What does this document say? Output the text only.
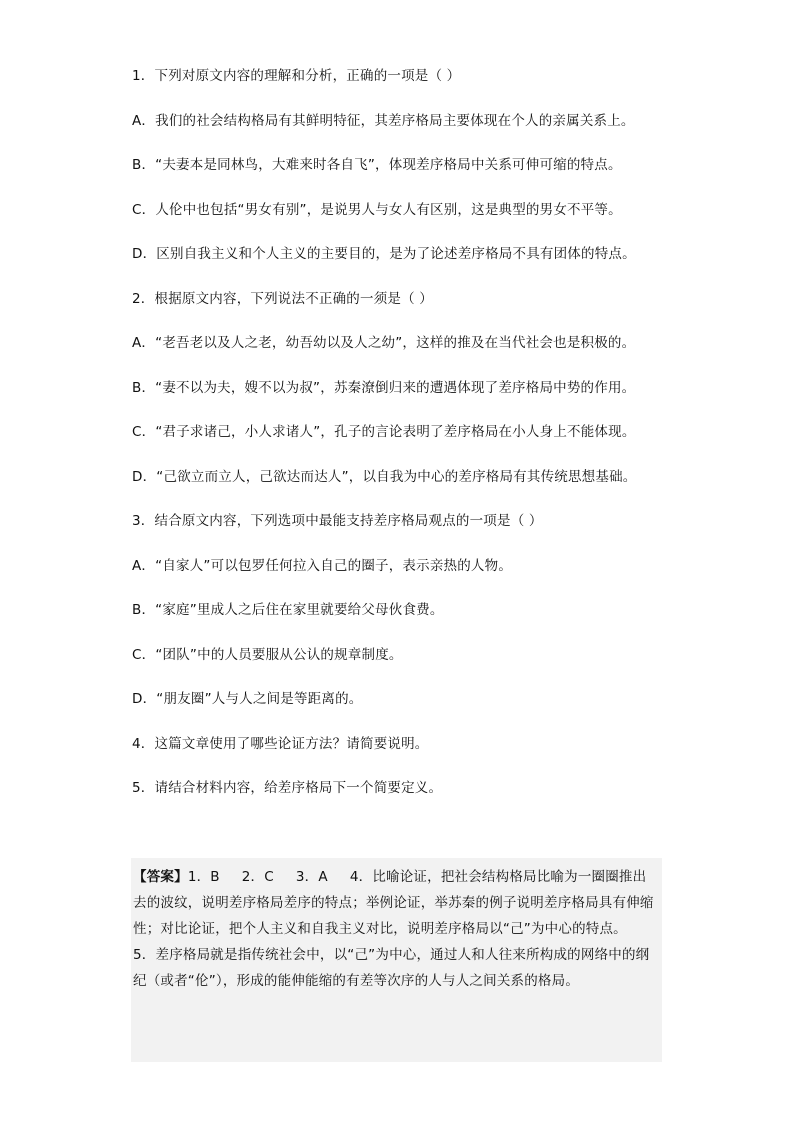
1．下列对原文内容的理解和分析，正确的一项是（ ）
A．我们的社会结构格局有其鲜明特征，其差序格局主要体现在个人的亲属关系上。
B．“夫妻本是同林鸟，大难来时各自飞”，体现差序格局中关系可伸可缩的特点。
C．人伦中也包括“男女有别”，是说男人与女人有区别，这是典型的男女不平等。
D．区别自我主义和个人主义的主要目的，是为了论述差序格局不具有团体的特点。
2．根据原文内容，下列说法不正确的一须是（ ）
A．“老吾老以及人之老，幼吾幼以及人之幼”，这样的推及在当代社会也是积极的。
B．“妻不以为夫，嫂不以为叔”，苏秦潦倒归来的遭遇体现了差序格局中势的作用。
C．“君子求诸己，小人求诸人”，孔子的言论表明了差序格局在小人身上不能体现。
D．“己欲立而立人，己欲达而达人”，以自我为中心的差序格局有其传统思想基础。
3．结合原文内容，下列选项中最能支持差序格局观点的一项是（ ）
A．“自家人”可以包罗任何拉入自己的圈子，表示亲热的人物。
B．“家庭”里成人之后住在家里就要给父母伙食费。
C．“团队”中的人员要服从公认的规章制度。
D．“朋友圈”人与人之间是等距离的。
4．这篇文章使用了哪些论证方法？请简要说明。
5．请结合材料内容，给差序格局下一个简要定义。
【答案】1．B 2．C 3．A 4．比喻论证，把社会结构格局比喻为一圈圈推出
去的波纹，说明差序格局差序的特点；举例论证，举苏秦的例子说明差序格局具有伸缩
性；对比论证，把个人主义和自我主义对比，说明差序格局以“己”为中心的特点。
5．差序格局就是指传统社会中，以“己”为中心，通过人和人往来所构成的网络中的纲
纪（或者“伦”），形成的能伸能缩的有差等次序的人与人之间关系的格局。
